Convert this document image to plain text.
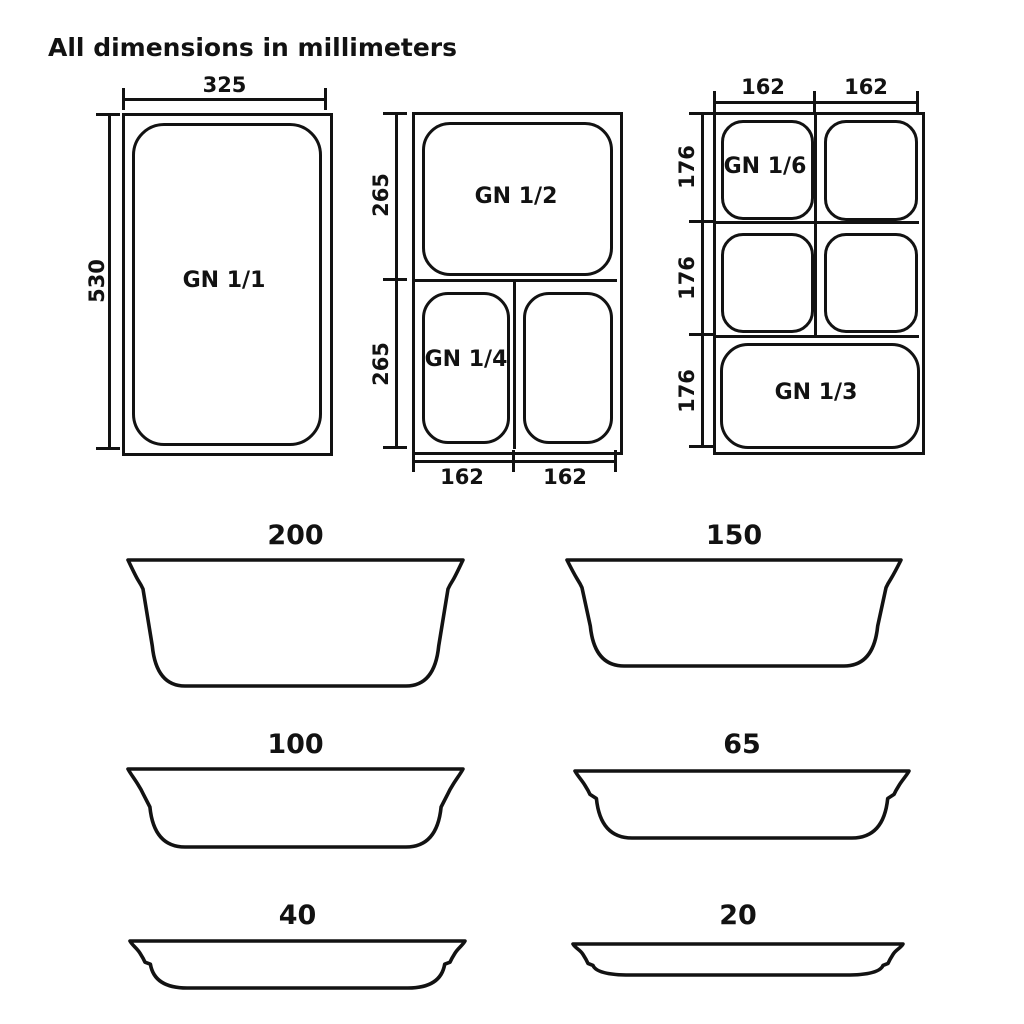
All dimensions in millimeters
325
530	GN 1/1
265
265
GN 1/2
GN 1/4
162	162
162	162
176
176
176
GN 1/6
GN 1/3
200	150
100	65
40	20
